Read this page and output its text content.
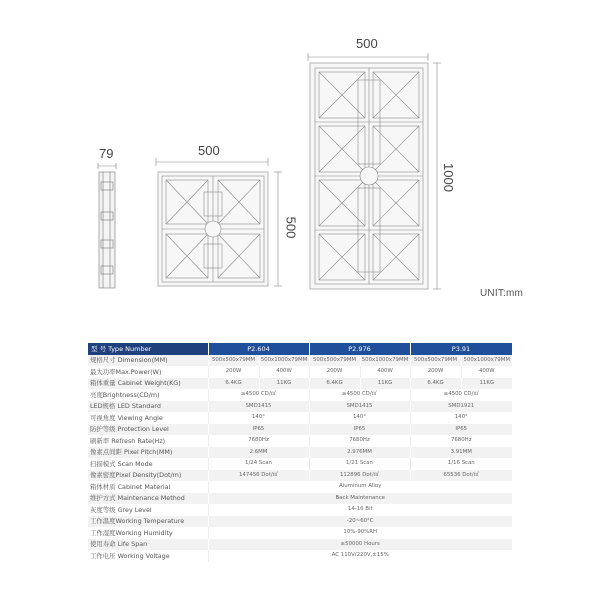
79	500
500
500
1000
UNIT:mm
型 号 Type Number	P2.604		P2.976		P3.91	
规格尺寸 Dimension(MM)	500x500x79MM	500x1000x79MM	500x500x79MM	500x1000x79MM	500x500x79MM	500x1000x79MM
最大功率Max.Power(W)	200W	400W	200W	400W	200W	400W
箱体重量 Cabinet Weight(KG)	6.4KG	11KG	6.4KG	11KG	6.4KG	11KG
亮度Brightness(CD/m)	≥4500 CD/㎡		≥4500 CD/㎡		≥4500 CD/㎡	
LED规格 LED Standard	SMD1415		SMD1415		SMD1921	
可视角度 Viewing Angle	140°		140°		140°	
防护等级 Protection Level	IP65		IP65		IP65	
刷新率 Refresh Rate(Hz)	7680Hz		7680Hz		7680Hz	
像素点间距 Pixel Pitch(MM)	2.6MM		2.976MM		3.91MM	
扫描模式 Scan Mode	1/24 Scan		1/21 Scan		1/16 Scan	
像素密度Pixel Density(Dot/m)	147456 Dot/㎡		112896 Dot/㎡		65536 Dot/㎡	
箱体材质 Cabinet Material	Aluminum Alloy					
维护方式 Maintenance Method	Back Maintenance					
灰度等级 Grey Level	14-16 Bit					
工作温度Working Temperature	-20~60°C					
工作湿度Working Humidity	10%-90%RH					
使用寿命 Life Span	≥50000 Hours					
工作电压 Working Voltage	AC 110V/220V,±15%					
